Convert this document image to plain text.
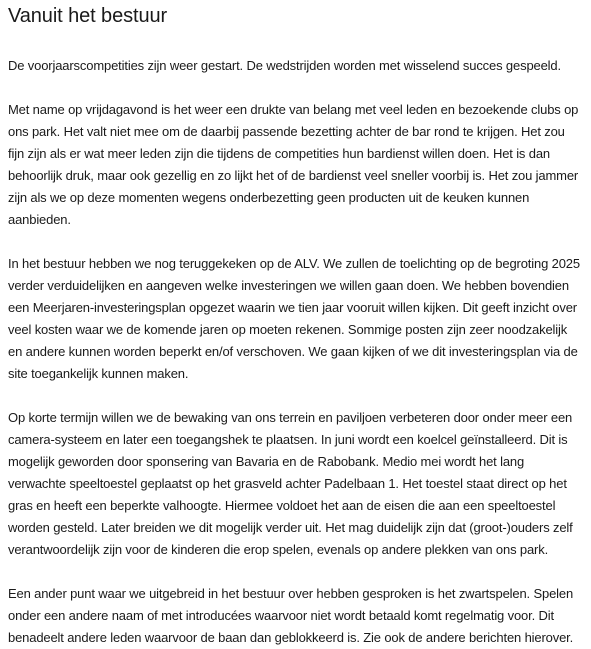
Vanuit het bestuur

De voorjaarscompetities zijn weer gestart. De wedstrijden worden met wisselend succes gespeeld.

Met name op vrijdagavond is het weer een drukte van belang met veel leden en bezoekende clubs op ons park. Het valt niet mee om de daarbij passende bezetting achter de bar rond te krijgen. Het zou fijn zijn als er wat meer leden zijn die tijdens de competities hun bardienst willen doen. Het is dan behoorlijk druk, maar ook gezellig en zo lijkt het of de bardienst veel sneller voorbij is. Het zou jammer zijn als we op deze momenten wegens onderbezetting geen producten uit de keuken kunnen aanbieden.

In het bestuur hebben we nog teruggekeken op de ALV. We zullen de toelichting op de begroting 2025 verder verduidelijken en aangeven welke investeringen we willen gaan doen. We hebben bovendien een Meerjaren-investeringsplan opgezet waarin we tien jaar vooruit willen kijken. Dit geeft inzicht over veel kosten waar we de komende jaren op moeten rekenen. Sommige posten zijn zeer noodzakelijk en andere kunnen worden beperkt en/of verschoven. We gaan kijken of we dit investeringsplan via de site toegankelijk kunnen maken.

Op korte termijn willen we de bewaking van ons terrein en paviljoen verbeteren door onder meer een camera-systeem en later een toegangshek te plaatsen. In juni wordt een koelcel geïnstalleerd. Dit is mogelijk geworden door sponsering van Bavaria en de Rabobank. Medio mei wordt het lang verwachte speeltoestel geplaatst op het grasveld achter Padelbaan 1. Het toestel staat direct op het gras en heeft een beperkte valhoogte. Hiermee voldoet het aan de eisen die aan een speeltoestel worden gesteld. Later breiden we dit mogelijk verder uit. Het mag duidelijk zijn dat (groot-)ouders zelf verantwoordelijk zijn voor de kinderen die erop spelen, evenals op andere plekken van ons park.

Een ander punt waar we uitgebreid in het bestuur over hebben gesproken is het zwartspelen. Spelen onder een andere naam of met introducées waarvoor niet wordt betaald komt regelmatig voor. Dit benadeelt andere leden waarvoor de baan dan geblokkeerd is. Zie ook de andere berichten hierover.
